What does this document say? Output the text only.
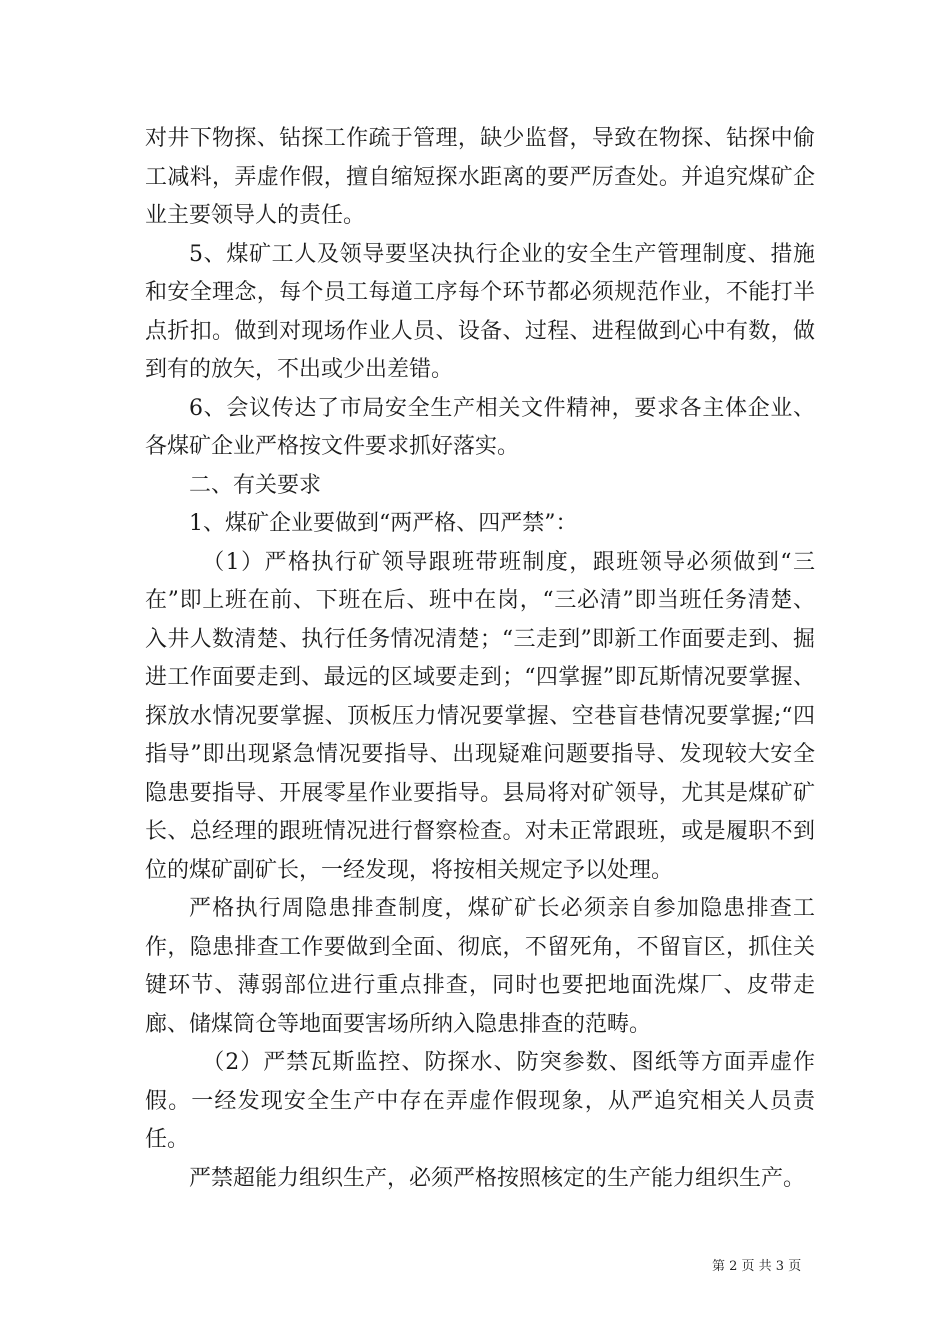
对井下物探、钻探工作疏于管理，缺少监督，导致在物探、钻探中偷工减料，弄虚作假，擅自缩短探水距离的要严厉查处。并追究煤矿企业主要领导人的责任。

5、煤矿工人及领导要坚决执行企业的安全生产管理制度、措施和安全理念，每个员工每道工序每个环节都必须规范作业，不能打半点折扣。做到对现场作业人员、设备、过程、进程做到心中有数，做到有的放矢，不出或少出差错。

6、会议传达了市局安全生产相关文件精神，要求各主体企业、各煤矿企业严格按文件要求抓好落实。

二、有关要求

1、煤矿企业要做到“两严格、四严禁”：

（1）严格执行矿领导跟班带班制度，跟班领导必须做到“三在”即上班在前、下班在后、班中在岗，“三必清”即当班任务清楚、入井人数清楚、执行任务情况清楚；“三走到”即新工作面要走到、掘进工作面要走到、最远的区域要走到；“四掌握”即瓦斯情况要掌握、探放水情况要掌握、顶板压力情况要掌握、空巷盲巷情况要掌握;“四指导”即出现紧急情况要指导、出现疑难问题要指导、发现较大安全隐患要指导、开展零星作业要指导。县局将对矿领导，尤其是煤矿矿长、总经理的跟班情况进行督察检查。对未正常跟班，或是履职不到位的煤矿副矿长，一经发现，将按相关规定予以处理。

严格执行周隐患排查制度，煤矿矿长必须亲自参加隐患排查工作，隐患排查工作要做到全面、彻底，不留死角，不留盲区，抓住关键环节、薄弱部位进行重点排查，同时也要把地面洗煤厂、皮带走廊、储煤筒仓等地面要害场所纳入隐患排查的范畴。

（2）严禁瓦斯监控、防探水、防突参数、图纸等方面弄虚作假。一经发现安全生产中存在弄虚作假现象，从严追究相关人员责任。

严禁超能力组织生产，必须严格按照核定的生产能力组织生产。

第 2 页 共 3 页
